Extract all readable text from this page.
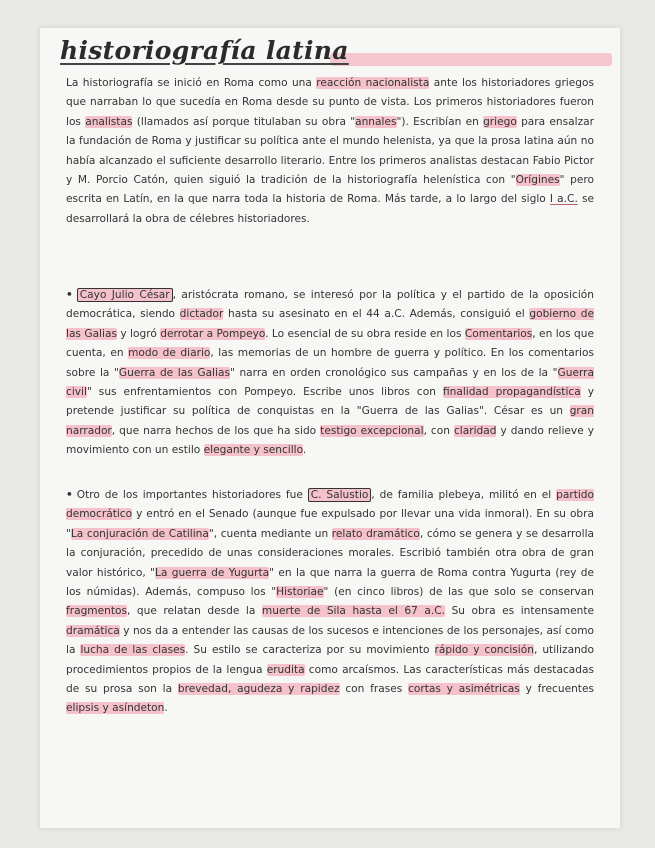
historiografía latina
La historiografía se inició en Roma como una reacción nacionalista ante los historiadores griegos que narraban lo que sucedía en Roma desde su punto de vista. Los primeros historiadores fueron los analistas (llamados así porque titulaban su obra "annales"). Escribían en griego para ensalzar la fundación de Roma y justificar su política ante el mundo helenista, ya que la prosa latina aún no había alcanzado el suficiente desarrollo literario. Entre los primeros analistas destacan Fabio Pictor y M. Porcio Catón, quien siguió la tradición de la historiografía helenística con "Orígines" pero escrita en Latín, en la que narra toda la historia de Roma. Más tarde, a lo largo del siglo I a.C. se desarrollará la obra de célebres historiadores.
• Cayo Julio César , aristócrata romano, se interesó por la política y el partido de la oposición democrática, siendo dictador hasta su asesinato en el 44 a.C. Además, consiguió el gobierno de las Galias y logró derrotar a Pompeyo. Lo esencial de su obra reside en los Comentarios, en los que cuenta, en modo de diario, las memorias de un hombre de guerra y político. En los comentarios sobre la "Guerra de las Galias" narra en orden cronológico sus campañas y en los de la "Guerra civil" sus enfrentamientos con Pompeyo. Escribe unos libros con finalidad propagandística y pretende justificar su política de conquistas en la "Guerra de las Galias". César es un gran narrador, que narra hechos de los que ha sido testigo excepcional, con claridad y dando relieve y movimiento con un estilo elegante y sencillo.
• Otro de los importantes historiadores fue C. Salustio , de familia plebeya, militó en el partido democrático y entró en el Senado (aunque fue expulsado por llevar una vida inmoral). En su obra "La conjuración de Catilina", cuenta mediante un relato dramático, cómo se genera y se desarrolla la conjuración, precedido de unas consideraciones morales. Escribió también otra obra de gran valor histórico, "La guerra de Yugurta" en la que narra la guerra de Roma contra Yugurta (rey de los númidas). Además, compuso los "Historiae" (en cinco libros) de las que solo se conservan fragmentos, que relatan desde la muerte de Sila hasta el 67 a.C. Su obra es intensamente dramática y nos da a entender las causas de los sucesos e intenciones de los personajes, así como la lucha de las clases. Su estilo se caracteriza por su movimiento rápido y concisión, utilizando procedimientos propios de la lengua erudita como arcaísmos. Las características más destacadas de su prosa son la brevedad, agudeza y rapidez con frases cortas y asimétricas y frecuentes elipsis y asíndeton.
